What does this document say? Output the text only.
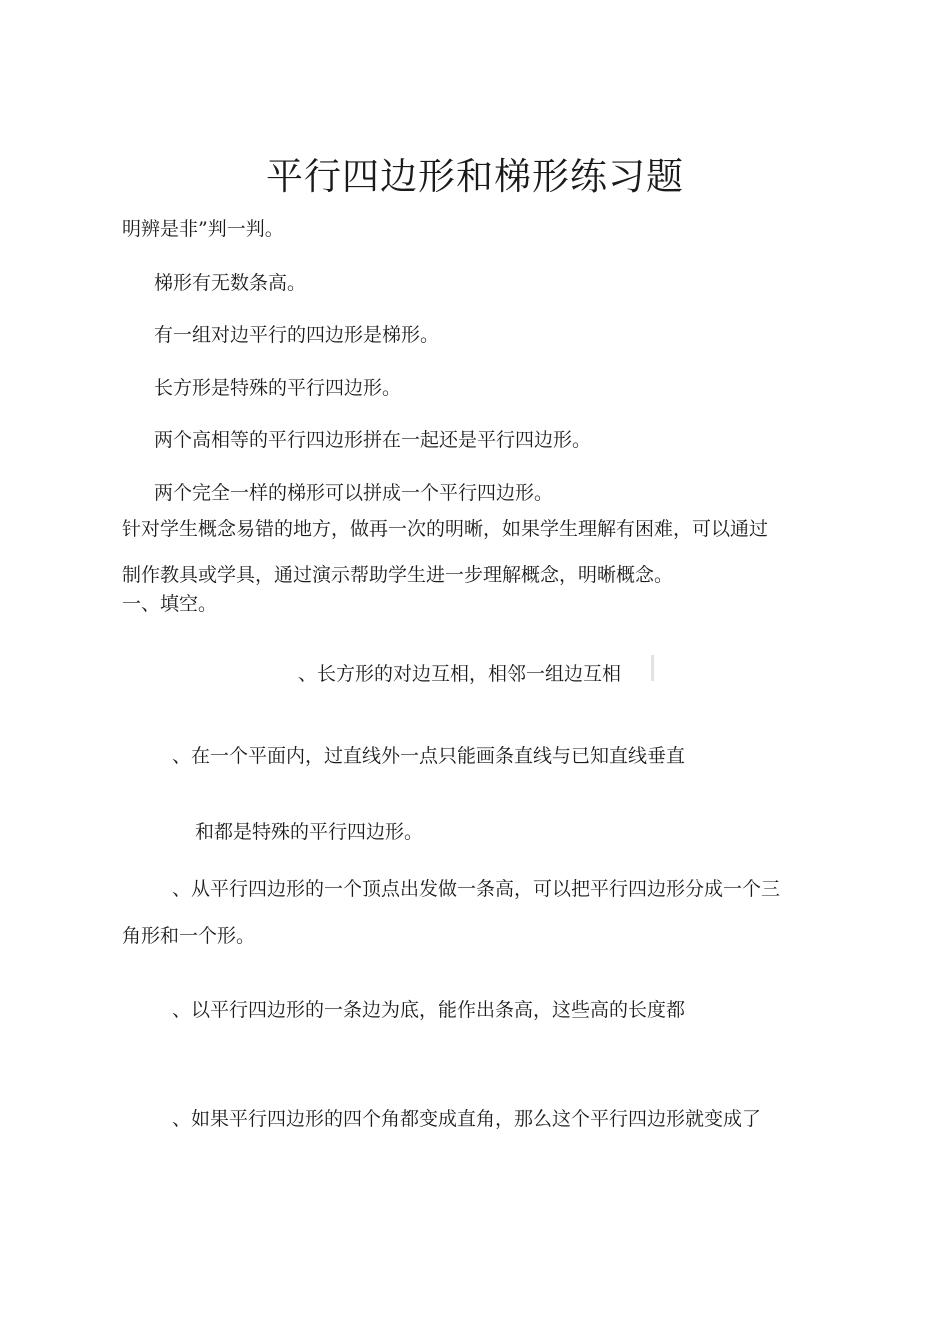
平行四边形和梯形练习题
明辨是非”判一判。
梯形有无数条高。
有一组对边平行的四边形是梯形。
长方形是特殊的平行四边形。
两个高相等的平行四边形拼在一起还是平行四边形。
两个完全一样的梯形可以拼成一个平行四边形。
针对学生概念易错的地方，做再一次的明晰，如果学生理解有困难，可以通过
制作教具或学具，通过演示帮助学生进一步理解概念，明晰概念。
一、填空。
、长方形的对边互相，相邻一组边互相
、在一个平面内，过直线外一点只能画条直线与已知直线垂直
和都是特殊的平行四边形。
、从平行四边形的一个顶点出发做一条高，可以把平行四边形分成一个三
角形和一个形。
、以平行四边形的一条边为底，能作出条高，这些高的长度都
、如果平行四边形的四个角都变成直角，那么这个平行四边形就变成了
